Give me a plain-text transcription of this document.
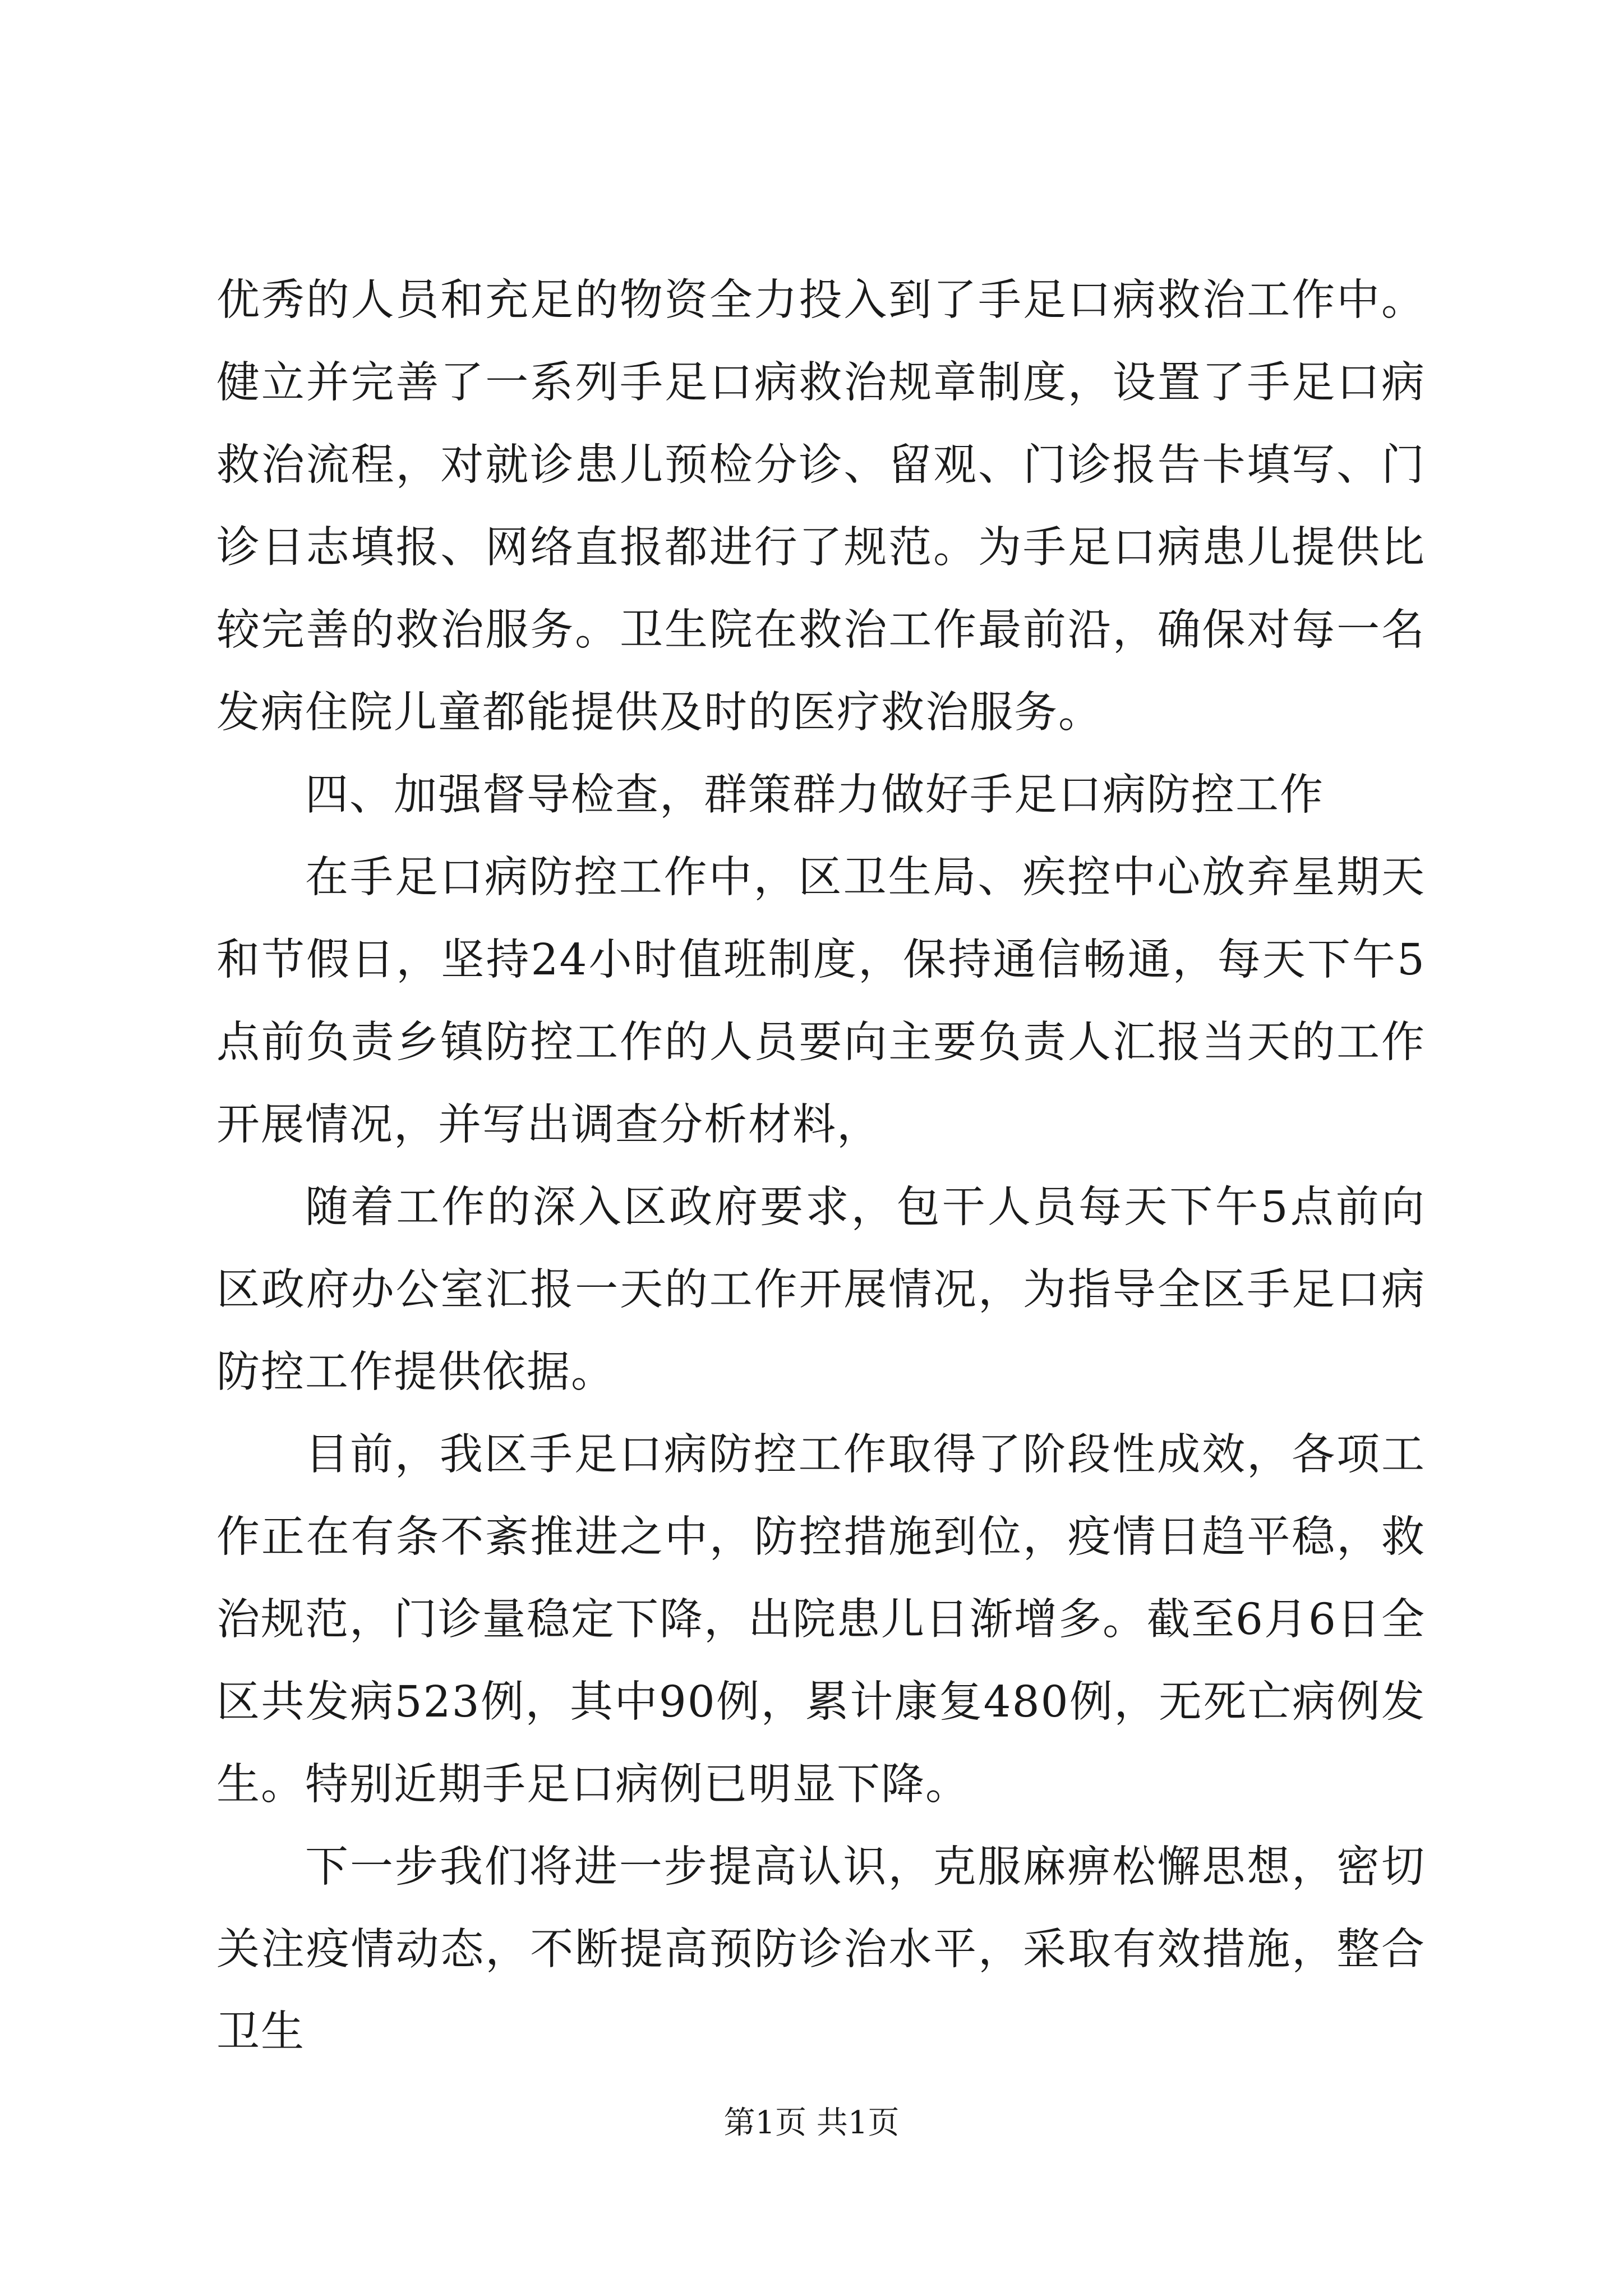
优秀的人员和充足的物资全力投入到了手足口病救治工作中。健立并完善了一系列手足口病救治规章制度，设置了手足口病救治流程，对就诊患儿预检分诊、留观、门诊报告卡填写、门诊日志填报、网络直报都进行了规范。为手足口病患儿提供比较完善的救治服务。卫生院在救治工作最前沿，确保对每一名发病住院儿童都能提供及时的医疗救治服务。

四、加强督导检查，群策群力做好手足口病防控工作

在手足口病防控工作中，区卫生局、疾控中心放弃星期天和节假日，坚持24小时值班制度，保持通信畅通，每天下午5点前负责乡镇防控工作的人员要向主要负责人汇报当天的工作开展情况，并写出调查分析材料，

随着工作的深入区政府要求，包干人员每天下午5点前向区政府办公室汇报一天的工作开展情况，为指导全区手足口病防控工作提供依据。

目前，我区手足口病防控工作取得了阶段性成效，各项工作正在有条不紊推进之中，防控措施到位，疫情日趋平稳，救治规范，门诊量稳定下降，出院患儿日渐增多。截至6月6日全区共发病523例，其中90例，累计康复480例，无死亡病例发生。特别近期手足口病例已明显下降。

下一步我们将进一步提高认识，克服麻痹松懈思想，密切关注疫情动态，不断提高预防诊治水平，采取有效措施，整合卫生

第1页 共1页
